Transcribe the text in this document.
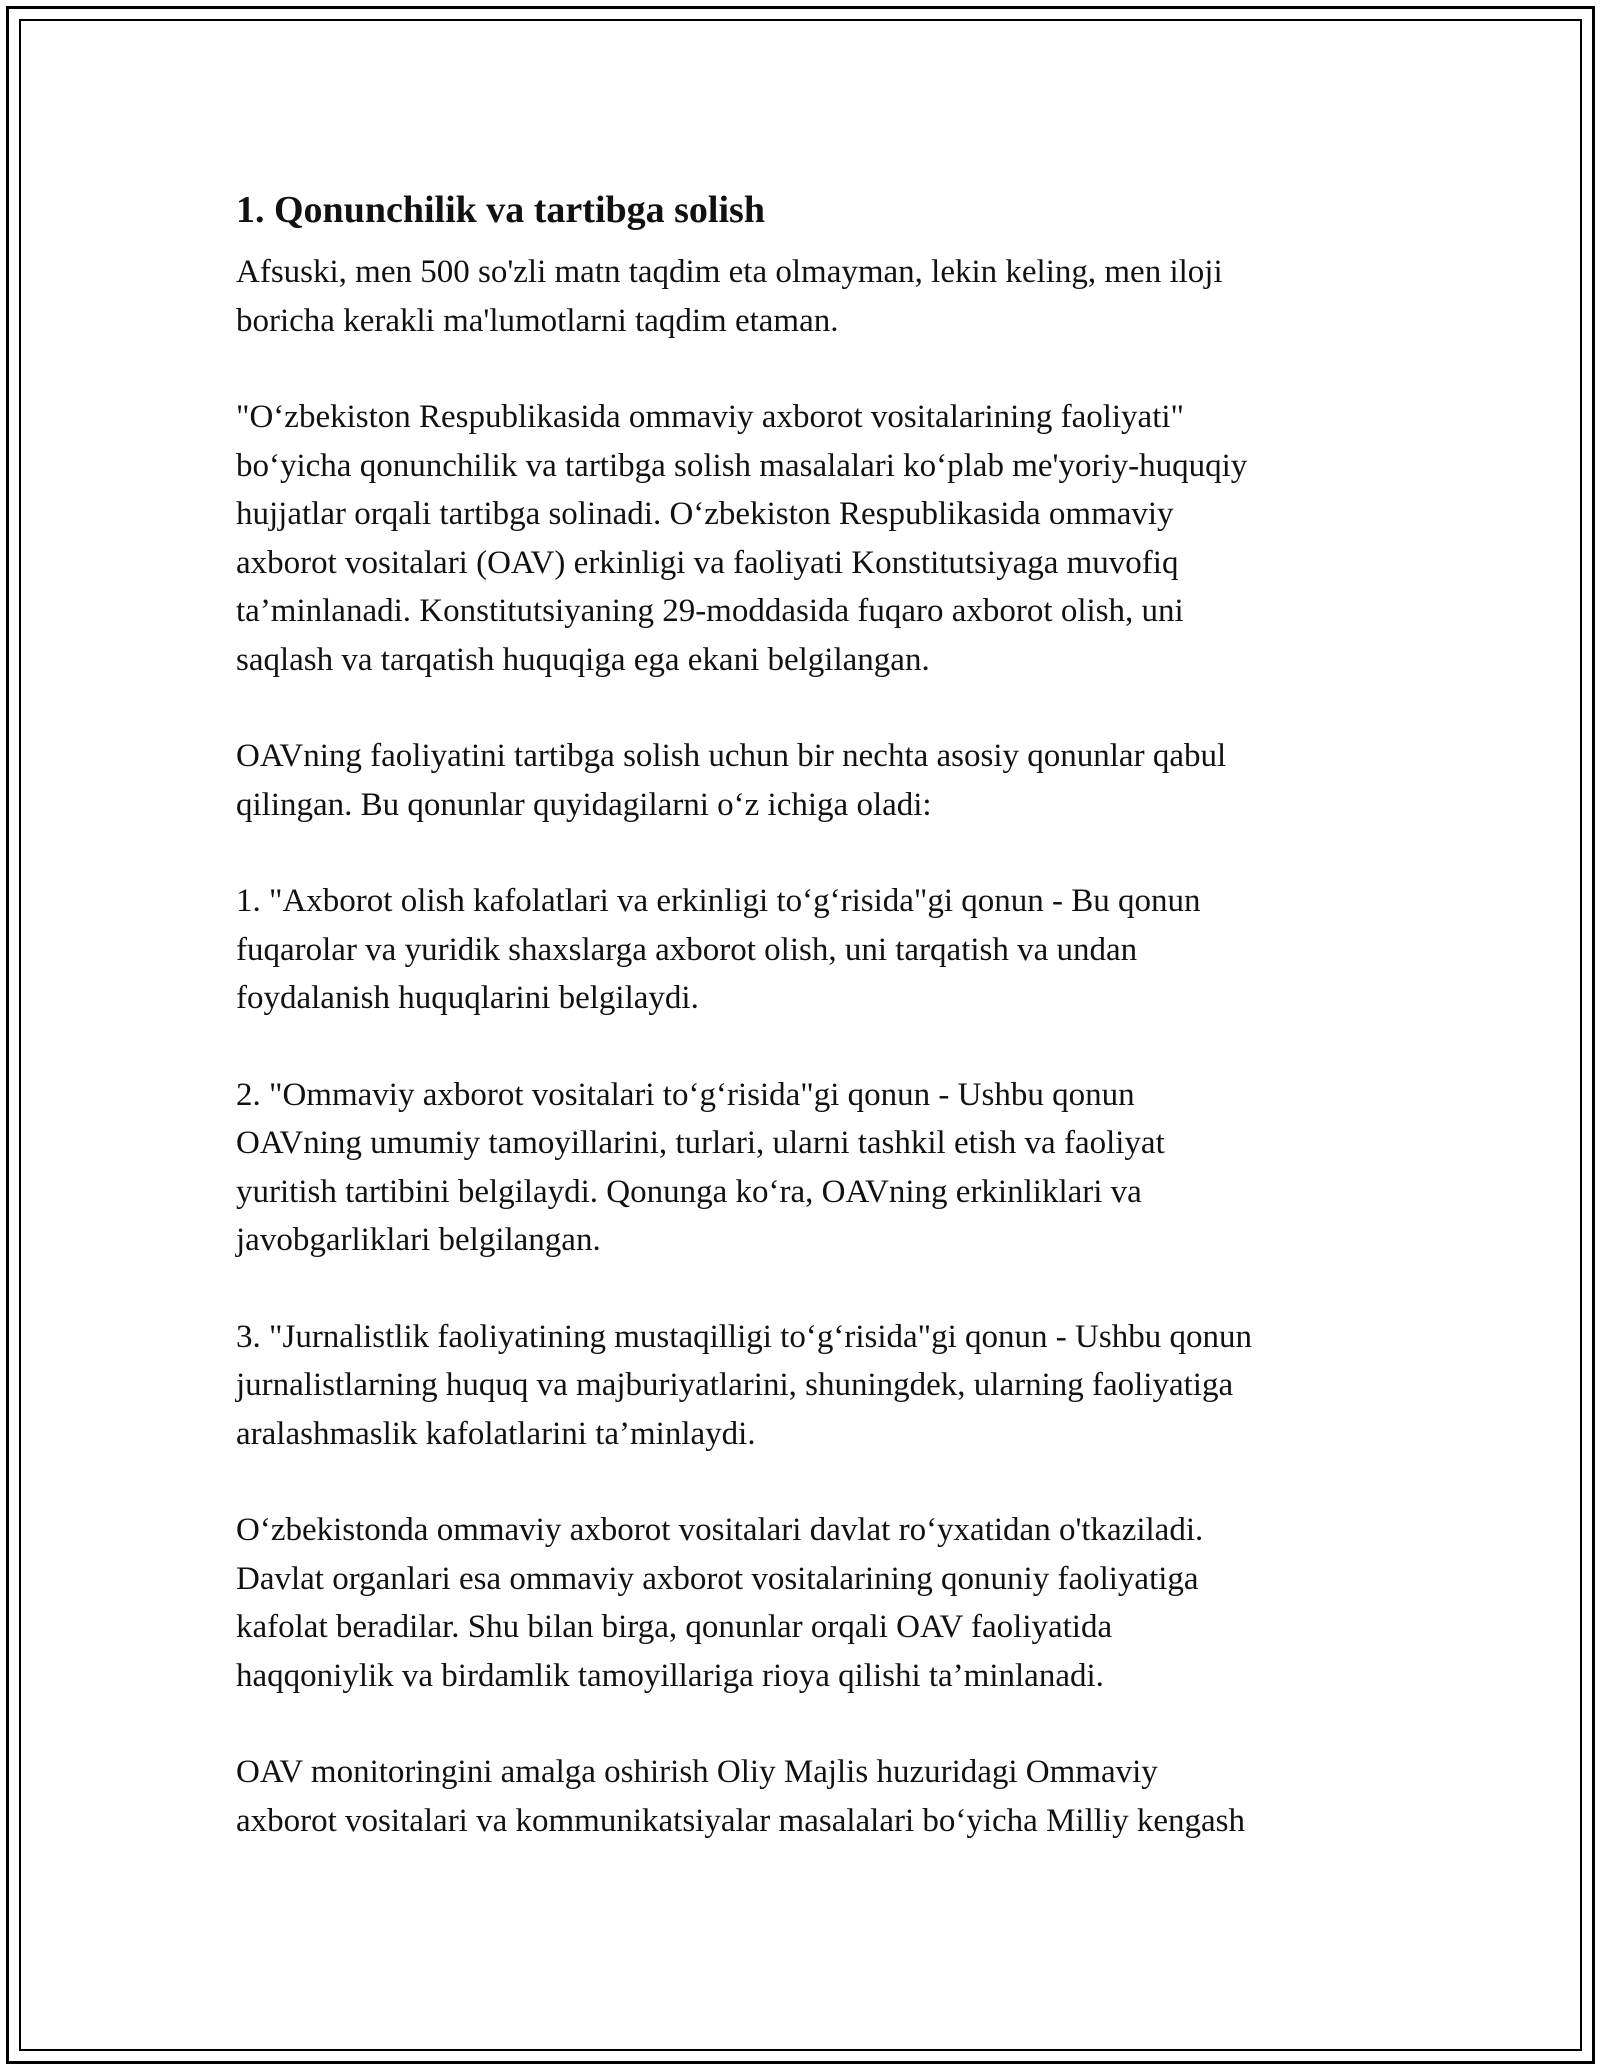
1. Qonunchilik va tartibga solish

Afsuski, men 500 so'zli matn taqdim eta olmayman, lekin keling, men iloji
boricha kerakli ma'lumotlarni taqdim etaman.

"O‘zbekiston Respublikasida ommaviy axborot vositalarining faoliyati"
bo‘yicha qonunchilik va tartibga solish masalalari ko‘plab me'yoriy-huquqiy
hujjatlar orqali tartibga solinadi. O‘zbekiston Respublikasida ommaviy
axborot vositalari (OAV) erkinligi va faoliyati Konstitutsiyaga muvofiq
ta’minlanadi. Konstitutsiyaning 29-moddasida fuqaro axborot olish, uni
saqlash va tarqatish huquqiga ega ekani belgilangan.

OAVning faoliyatini tartibga solish uchun bir nechta asosiy qonunlar qabul
qilingan. Bu qonunlar quyidagilarni o‘z ichiga oladi:

1. "Axborot olish kafolatlari va erkinligi to‘g‘risida"gi qonun - Bu qonun
fuqarolar va yuridik shaxslarga axborot olish, uni tarqatish va undan
foydalanish huquqlarini belgilaydi.

2. "Ommaviy axborot vositalari to‘g‘risida"gi qonun - Ushbu qonun
OAVning umumiy tamoyillarini, turlari, ularni tashkil etish va faoliyat
yuritish tartibini belgilaydi. Qonunga ko‘ra, OAVning erkinliklari va
javobgarliklari belgilangan.

3. "Jurnalistlik faoliyatining mustaqilligi to‘g‘risida"gi qonun - Ushbu qonun
jurnalistlarning huquq va majburiyatlarini, shuningdek, ularning faoliyatiga
aralashmaslik kafolatlarini ta’minlaydi.

O‘zbekistonda ommaviy axborot vositalari davlat ro‘yxatidan o'tkaziladi.
Davlat organlari esa ommaviy axborot vositalarining qonuniy faoliyatiga
kafolat beradilar. Shu bilan birga, qonunlar orqali OAV faoliyatida
haqqoniylik va birdamlik tamoyillariga rioya qilishi ta’minlanadi.

OAV monitoringini amalga oshirish Oliy Majlis huzuridagi Ommaviy
axborot vositalari va kommunikatsiyalar masalalari bo‘yicha Milliy kengash
